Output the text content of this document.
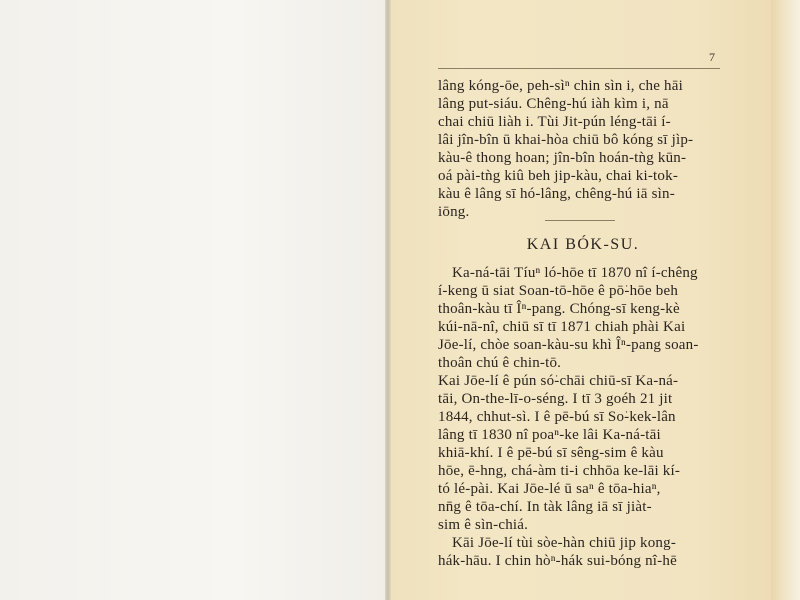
7
lâng kóng-ōe, peh-sìⁿ chin sìn i, che hāi
lâng put-siáu. Chêng-hú iàh kìm i, nā
chai chiū liàh i. Tùi Jit-pún léng-tāi í-
lâi jîn-bîn ū khai-hòa chiū bô kóng sī jìp-
kàu-ê thong hoan; jîn-bîn hoán-tǹg kūn-
oá pài-tǹg kiû beh jip-kàu, chai ki-tok-
kàu ê lâng sī hó-lâng, chêng-hú iā sìn-
iōng.
KAI BÓK-SU.
Ka-ná-tāi Tíuⁿ ló-hōe tī 1870 nî í-chêng
í-keng ū siat Soan-tō-hōe ê pō͘-hōe beh
thoân-kàu tī Îⁿ-pang. Chóng-sī keng-kè
kúi-nā-nî, chiū sī tī 1871 chiah phài Kai
Jōe-lí, chòe soan-kàu-su khì Îⁿ-pang soan-
thoân chú ê chin-tō.
Kai Jōe-lí ê pún só͘-chāi chiū-sī Ka-ná-
tāi, On-the-lī-o-séng. I tī 3 goéh 21 jit
1844, chhut-sì. I ê pē-bú sī So͘-kek-lân
lâng tī 1830 nî poaⁿ-ke lâi Ka-ná-tāi
khiā-khí. I ê pē-bú sī sêng-sim ê kàu
hōe, ē-hng, chá-àm ti-i chhōa ke-lāi kí-
tó lé-pài. Kai Jōe-lé ū saⁿ ê tōa-hiaⁿ,
nn̄g ê tōa-chí. In tàk lâng iā sī jiàt-
sim ê sìn-chiá.
Kāi Jōe-lí tùi sòe-hàn chiū jip kong-
hák-hāu. I chin hòⁿ-hák sui-bóng nî-hē
